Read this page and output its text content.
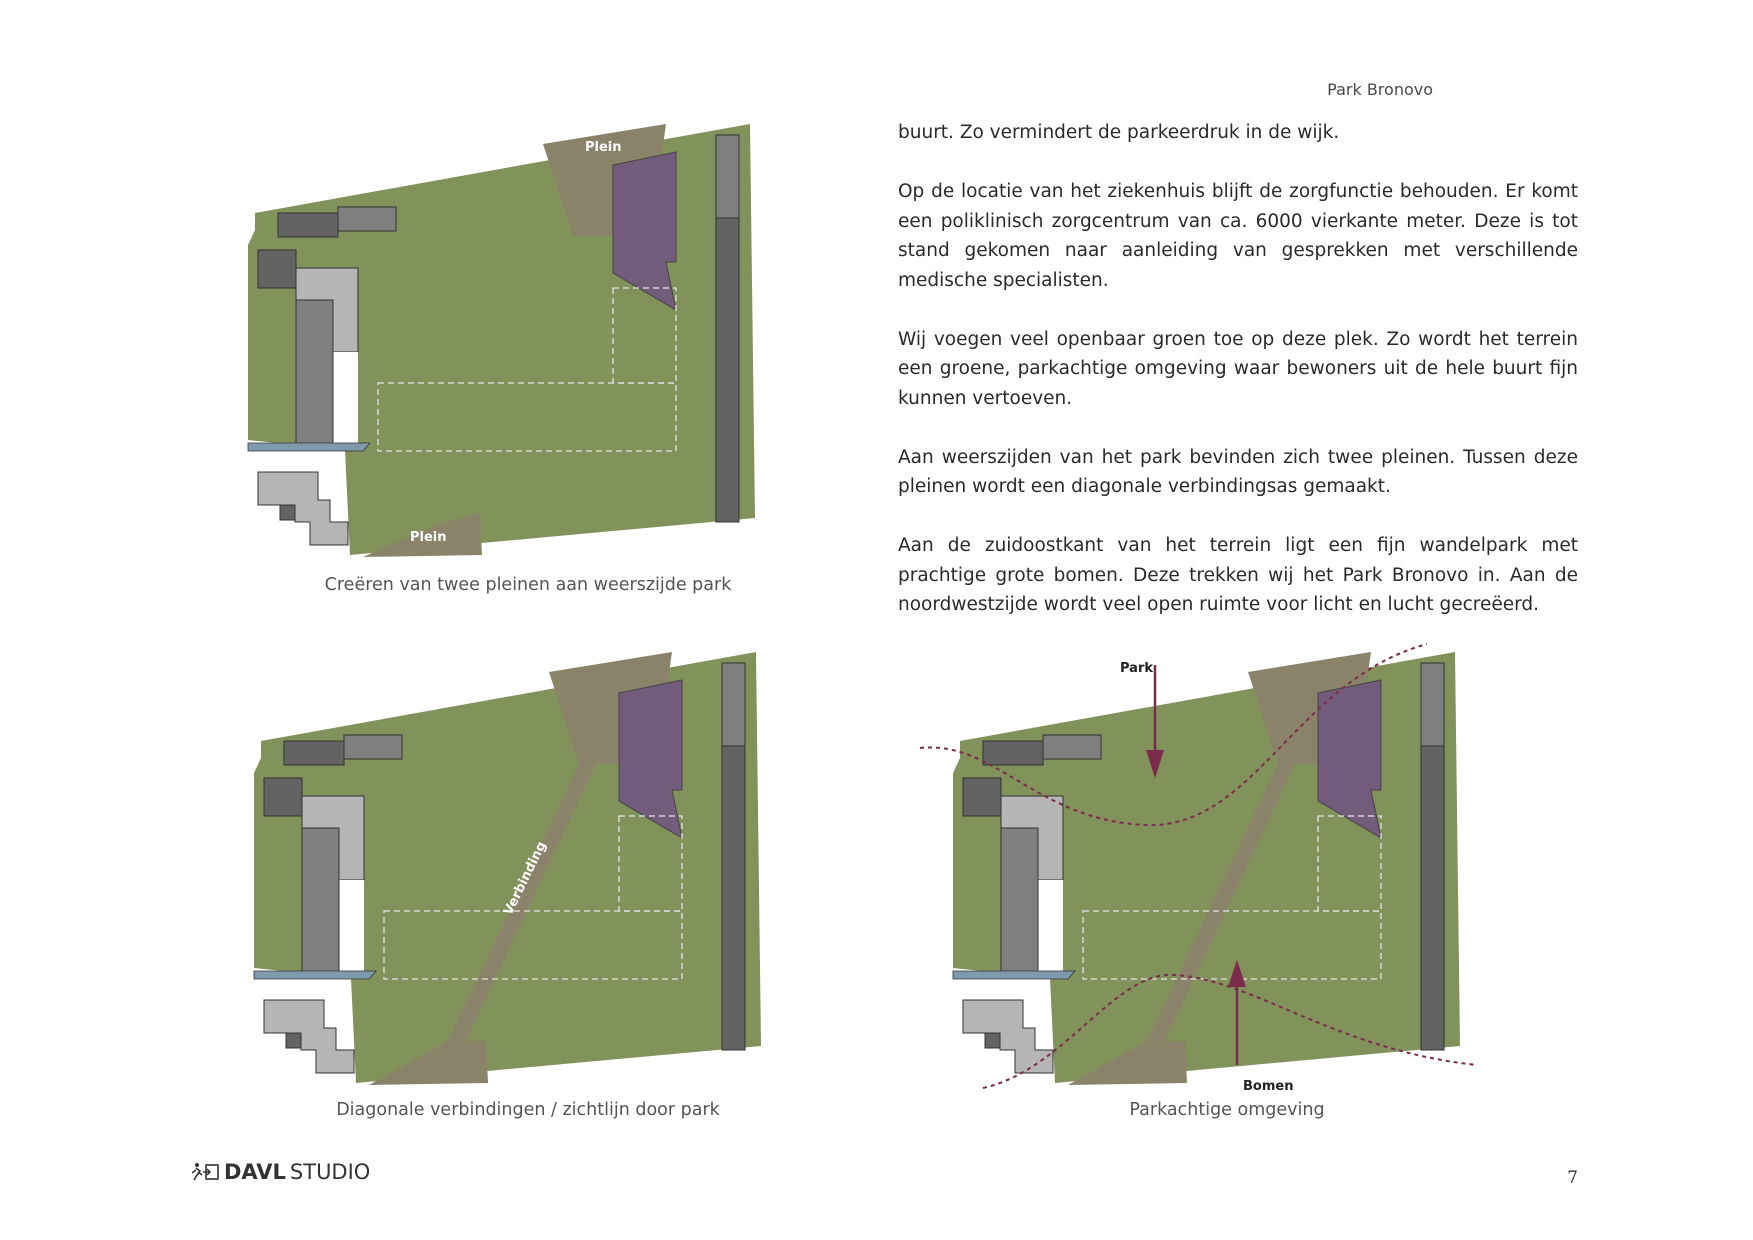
Park Bronovo

buurt. Zo vermindert de parkeerdruk in de wijk.

Op de locatie van het ziekenhuis blijft de zorgfunctie behouden. Er komt een poliklinisch zorgcentrum van ca. 6000 vierkante meter. Deze is tot stand gekomen naar aanleiding van gesprekken met verschillende medische specialisten.

Wij voegen veel openbaar groen toe op deze plek. Zo wordt het terrein een groene, parkachtige omgeving waar bewoners uit de hele buurt fijn kunnen vertoeven.

Aan weerszijden van het park bevinden zich twee pleinen. Tussen deze pleinen wordt een diagonale verbindingsas gemaakt.

Aan de zuidoostkant van het terrein ligt een fijn wandelpark met prachtige grote bomen. Deze trekken wij het Park Bronovo in. Aan de noordwestzijde wordt veel open ruimte voor licht en lucht gecreëerd.

Plein
Plein
Creëren van twee pleinen aan weerszijde park
Verbinding
Diagonale verbindingen / zichtlijn door park
Park
Bomen
Parkachtige omgeving
DAVL STUDIO	7
